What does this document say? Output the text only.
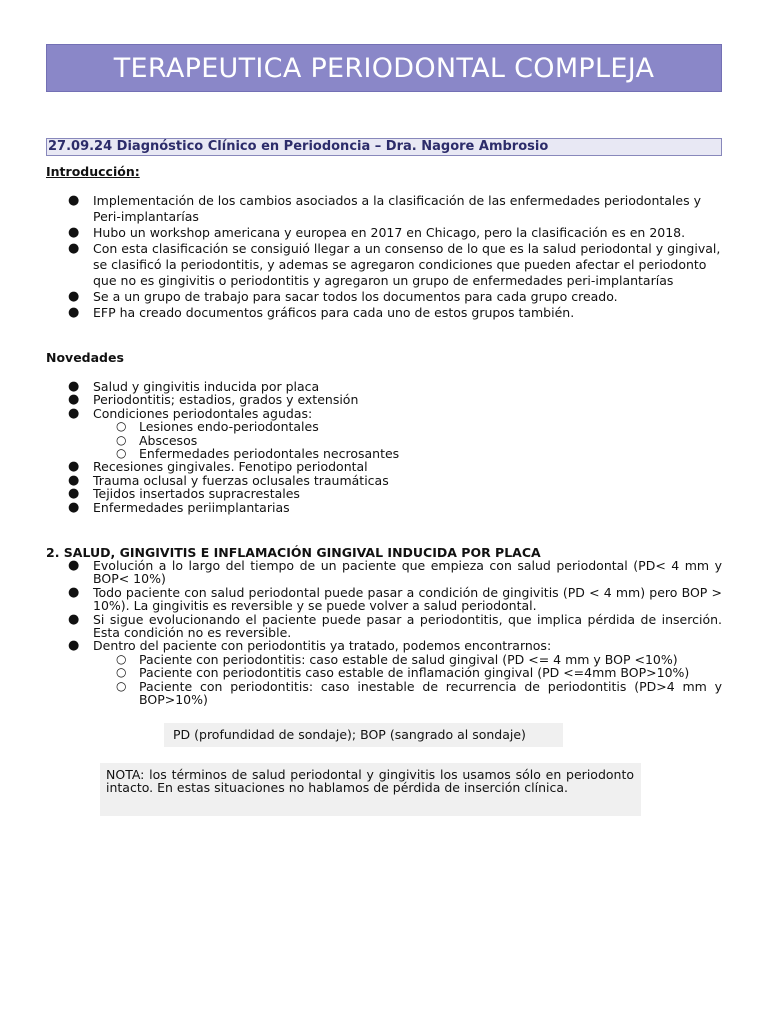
TERAPEUTICA PERIODONTAL COMPLEJA
27.09.24 Diagnóstico Clínico en Periodoncia – Dra. Nagore Ambrosio
Introducción:
● Implementación de los cambios asociados a la clasificación de las enfermedades periodontales y Peri-implantarías
● Hubo un workshop americana y europea en 2017 en Chicago, pero la clasificación es en 2018.
● Con esta clasificación se consiguió llegar a un consenso de lo que es la salud periodontal y gingival, se clasificó la periodontitis, y ademas se agregaron condiciones que pueden afectar el periodonto que no es gingivitis o periodontitis y agregaron un grupo de enfermedades peri-implantarías
● Se a un grupo de trabajo para sacar todos los documentos para cada grupo creado.
● EFP ha creado documentos gráficos para cada uno de estos grupos también.
Novedades
● Salud y gingivitis inducida por placa
● Periodontitis; estadios, grados y extensión
● Condiciones periodontales agudas:
○ Lesiones endo-periodontales
○ Abscesos
○ Enfermedades periodontales necrosantes
● Recesiones gingivales. Fenotipo periodontal
● Trauma oclusal y fuerzas oclusales traumáticas
● Tejidos insertados supracrestales
● Enfermedades periimplantarias
2. SALUD, GINGIVITIS E INFLAMACIÓN GINGIVAL INDUCIDA POR PLACA
● Evolución a lo largo del tiempo de un paciente que empieza con salud periodontal (PD< 4 mm y BOP< 10%)
● Todo paciente con salud periodontal puede pasar a condición de gingivitis (PD < 4 mm) pero BOP > 10%). La gingivitis es reversible y se puede volver a salud periodontal.
● Si sigue evolucionando el paciente puede pasar a periodontitis, que implica pérdida de inserción. Esta condición no es reversible.
● Dentro del paciente con periodontitis ya tratado, podemos encontrarnos:
○ Paciente con periodontitis: caso estable de salud gingival (PD <= 4 mm y BOP <10%)
○ Paciente con periodontitis caso estable de inflamación gingival (PD <=4mm BOP>10%)
○ Paciente con periodontitis: caso inestable de recurrencia de periodontitis (PD>4 mm y BOP>10%)
PD (profundidad de sondaje); BOP (sangrado al sondaje)
NOTA: los términos de salud periodontal y gingivitis los usamos sólo en periodonto intacto. En estas situaciones no hablamos de pérdida de inserción clínica.
